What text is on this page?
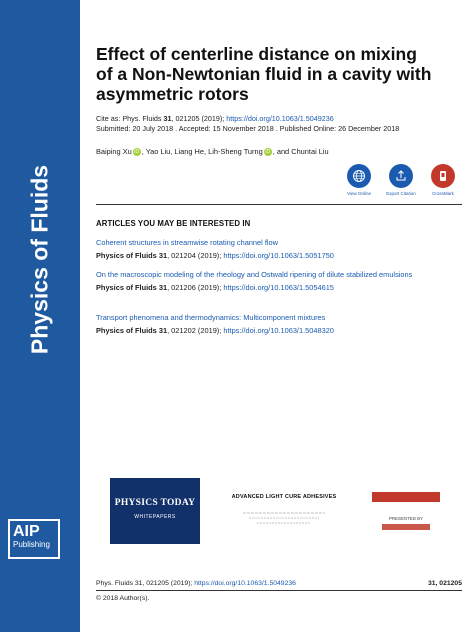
Physics of Fluids
AIP
Publishing
Effect of centerline distance on mixing of a Non-Newtonian fluid in a cavity with asymmetric rotors
Cite as: Phys. Fluids 31, 021205 (2019); https://doi.org/10.1063/1.5049236
Submitted: 20 July 2018 . Accepted: 15 November 2018 . Published Online: 26 December 2018
Baiping Xu iD , Yao Liu, Liang He, Lih-Sheng Turng iD , and Chuntai Liu
View Online	Export Citation	CrossMark
ARTICLES YOU MAY BE INTERESTED IN
Coherent structures in streamwise rotating channel flow
Physics of Fluids 31, 021204 (2019); https://doi.org/10.1063/1.5051750
On the macroscopic modeling of the rheology and Ostwald ripening of dilute stabilized emulsions
Physics of Fluids 31, 021206 (2019); https://doi.org/10.1063/1.5054615
Transport phenomena and thermodynamics: Multicomponent mixtures
Physics of Fluids 31, 021202 (2019); https://doi.org/10.1063/1.5048320
PHYSICS TODAY
WHITEPAPERS
ADVANCED LIGHT CURE ADHESIVES

PRESENTED BY
Phys. Fluids 31, 021205 (2019); https://doi.org/10.1063/1.5049236	31, 021205
© 2018 Author(s).
